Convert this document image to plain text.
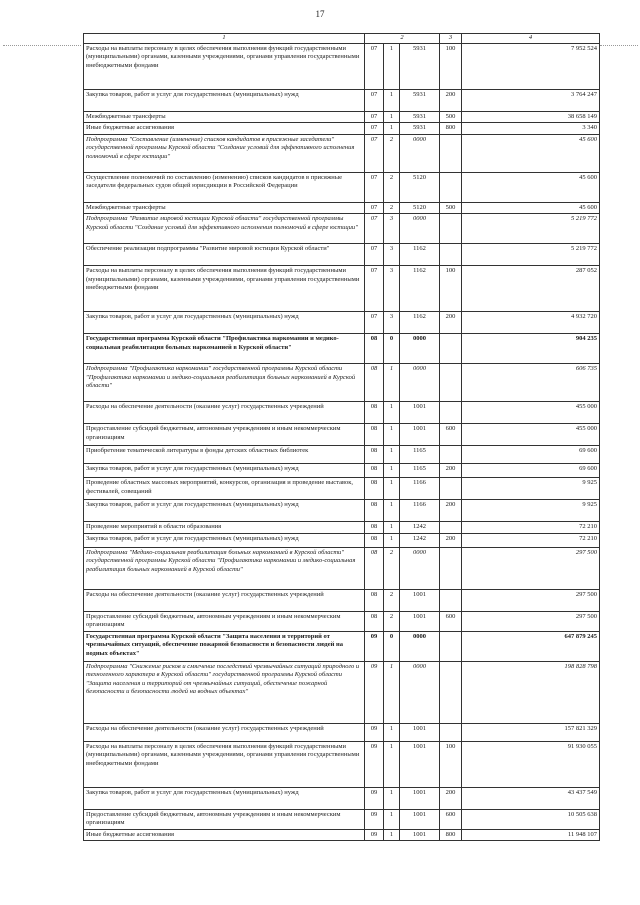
17
1	2			3	4
Расходы на выплаты персоналу в целях обеспечения выполнения функций государственными (муниципальными) органами, казенными учреждениями, органами управления государственными внебюджетными фондами	07	1	5931	100	7 952 524
Закупка товаров, работ и услуг для государственных (муниципальных) нужд	07	1	5931	200	3 764 247
Межбюджетные трансферты	07	1	5931	500	38 658 149
Иные бюджетные ассигнования	07	1	5931	800	3 340
Подпрограмма "Составление (изменение) списков кандидатов в присяжные заседатели" государственной программы Курской области "Создание условий для эффективного исполнения полномочий в сфере юстиции"	07	2	0000		45 600
Осуществление полномочий по составлению (изменению) списков кандидатов в присяжные заседатели федеральных судов общей юрисдикции в Российской Федерации	07	2	5120		45 600
Межбюджетные трансферты	07	2	5120	500	45 600
Подпрограмма "Развитие мировой юстиции Курской области" государственной программы Курской области "Создание условий для эффективного исполнения полномочий в сфере юстиции"	07	3	0000		5 219 772
Обеспечение реализации подпрограммы "Развитие мировой юстиции Курской области"	07	3	1162		5 219 772
Расходы на выплаты персоналу в целях обеспечения выполнения функций государственными (муниципальными) органами, казенными учреждениями, органами управления государственными внебюджетными фондами	07	3	1162	100	287 052
Закупка товаров, работ и услуг для государственных (муниципальных) нужд	07	3	1162	200	4 932 720
Государственная программа Курской области "Профилактика наркомании и медико-социальная реабилитация больных наркоманией в Курской области"	08	0	0000		904 235
Подпрограмма "Профилактика наркомании" государственной программы Курской области "Профилактика наркомании и медико-социальная реабилитация больных наркоманией в Курской области"	08	1	0000		606 735
Расходы на обеспечение деятельности (оказание услуг) государственных учреждений	08	1	1001		455 000
Предоставление субсидий бюджетным, автономным учреждениям и иным некоммерческим организациям	08	1	1001	600	455 000
Приобретение тематической литературы в фонды детских областных библиотек	08	1	1165		69 600
Закупка товаров, работ и услуг для государственных (муниципальных) нужд	08	1	1165	200	69 600
Проведение областных массовых мероприятий, конкурсов, организация и проведение выставок, фестивалей, совещаний	08	1	1166		9 925
Закупка товаров, работ и услуг для государственных (муниципальных) нужд	08	1	1166	200	9 925
Проведение мероприятий в области образования	08	1	1242		72 210
Закупка товаров, работ и услуг для государственных (муниципальных) нужд	08	1	1242	200	72 210
Подпрограмма "Медико-социальная реабилитация больных наркоманией в Курской области" государственной программы Курской области "Профилактика наркомании и медико-социальная реабилитация больных наркоманией в Курской области"	08	2	0000		297 500
Расходы на обеспечение деятельности (оказание услуг) государственных учреждений	08	2	1001		297 500
Предоставление субсидий бюджетным, автономным учреждениям и иным некоммерческим организациям	08	2	1001	600	297 500
Государственная программа Курской области "Защита населения и территорий от чрезвычайных ситуаций, обеспечение пожарной безопасности и безопасности людей на водных объектах"	09	0	0000		647 879 245
Подпрограмма "Снижение рисков и смягчение последствий чрезвычайных ситуаций природного и техногенного характера в Курской области" государственной программы Курской области "Защита населения и территорий от чрезвычайных ситуаций, обеспечение пожарной безопасности и безопасности людей на водных объектах"	09	1	0000		198 828 798
Расходы на обеспечение деятельности (оказание услуг) государственных учреждений	09	1	1001		157 821 329
Расходы на выплаты персоналу в целях обеспечения выполнения функций государственными (муниципальными) органами, казенными учреждениями, органами управления государственными внебюджетными фондами	09	1	1001	100	91 930 055
Закупка товаров, работ и услуг для государственных (муниципальных) нужд	09	1	1001	200	43 437 549
Предоставление субсидий бюджетным, автономным учреждениям и иным некоммерческим организациям	09	1	1001	600	10 505 638
Иные бюджетные ассигнования	09	1	1001	800	11 948 107
